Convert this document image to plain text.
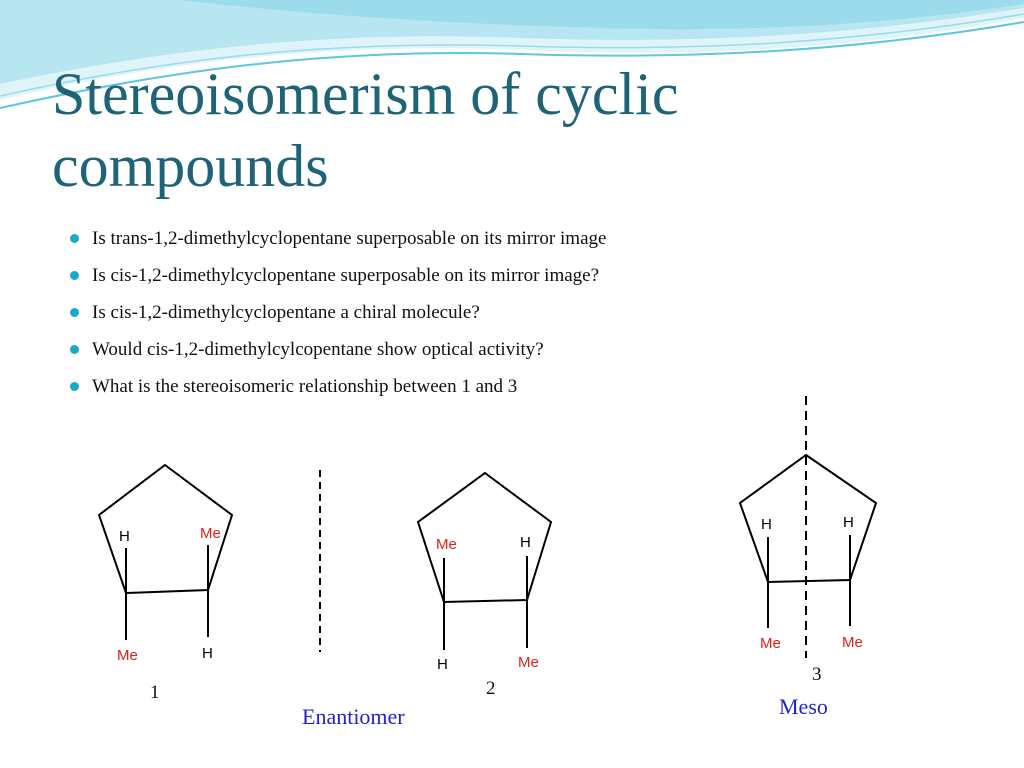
Stereoisomerism of cyclic
compounds
Is trans-1,2-dimethylcyclopentane superposable on its mirror image
Is cis-1,2-dimethylcyclopentane superposable on its mirror image?
Is cis-1,2-dimethylcyclopentane a chiral molecule?
Would cis-1,2-dimethylcylcopentane show optical activity?
What is the stereoisomeric relationship between 1 and 3
H	Me
Me	H
1
Me	H
H	Me
2
H	H
Me	Me
3
Enantiomer	Meso
